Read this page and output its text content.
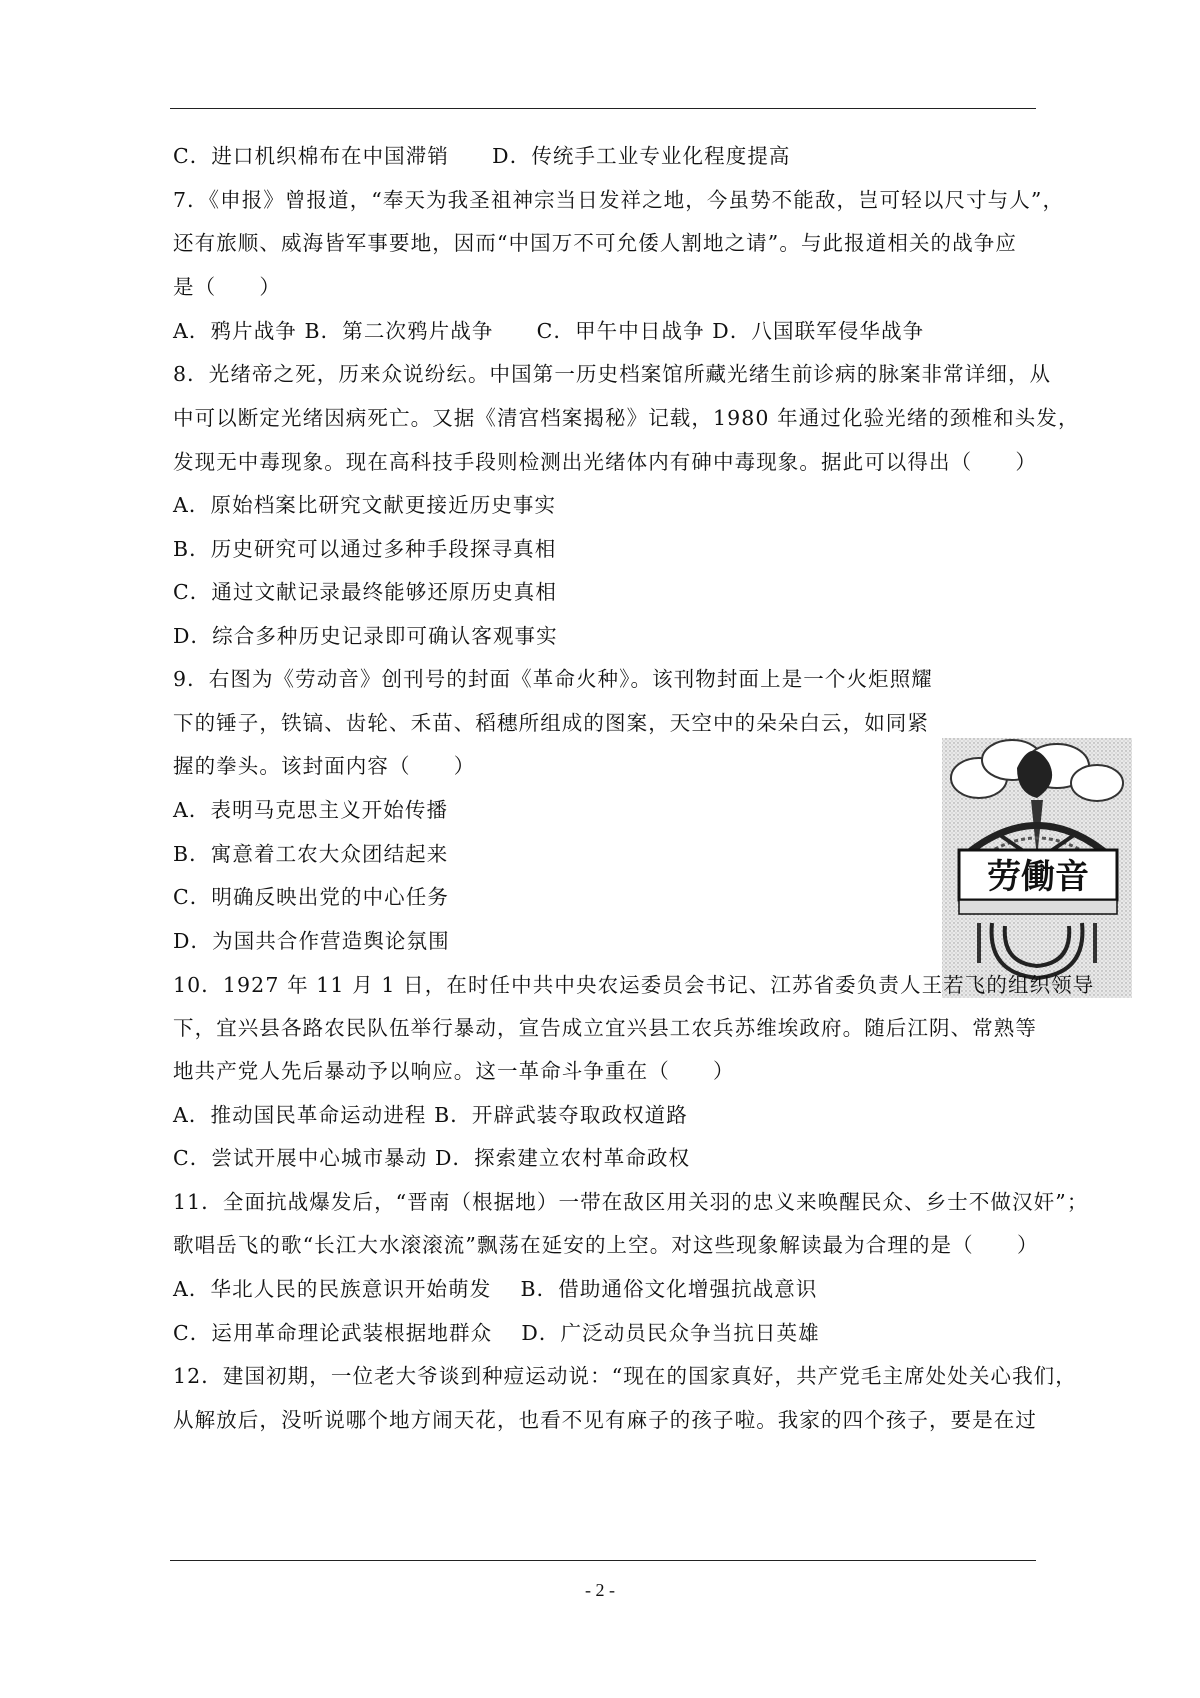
C．进口机织棉布在中国滞销　　D．传统手工业专业化程度提高
7．《申报》曾报道，“奉天为我圣祖神宗当日发祥之地，今虽势不能敌，岂可轻以尺寸与人”，
还有旅顺、威海皆军事要地，因而“中国万不可允倭人割地之请”。与此报道相关的战争应
是（　　）
A．鸦片战争 B．第二次鸦片战争　　C．甲午中日战争 D．八国联军侵华战争
8．光绪帝之死，历来众说纷纭。中国第一历史档案馆所藏光绪生前诊病的脉案非常详细，从
中可以断定光绪因病死亡。又据《清宫档案揭秘》记载，1980 年通过化验光绪的颈椎和头发，
发现无中毒现象。现在高科技手段则检测出光绪体内有砷中毒现象。据此可以得出（　　）
A．原始档案比研究文献更接近历史事实
B．历史研究可以通过多种手段探寻真相
C．通过文献记录最终能够还原历史真相
D．综合多种历史记录即可确认客观事实
9．右图为《劳动音》创刊号的封面《革命火种》。该刊物封面上是一个火炬照耀
下的锤子，铁镐、齿轮、禾苗、稻穗所组成的图案，天空中的朵朵白云，如同紧
握的拳头。该封面内容（　　）
A．表明马克思主义开始传播
B．寓意着工农大众团结起来
C．明确反映出党的中心任务
D．为国共合作营造舆论氛围
劳働音
10．1927 年 11 月 1 日，在时任中共中央农运委员会书记、江苏省委负责人王若飞的组织领导
下，宜兴县各路农民队伍举行暴动，宣告成立宜兴县工农兵苏维埃政府。随后江阴、常熟等
地共产党人先后暴动予以响应。这一革命斗争重在（　　）
A．推动国民革命运动进程 B．开辟武装夺取政权道路
C．尝试开展中心城市暴动 D．探索建立农村革命政权
11．全面抗战爆发后，“晋南（根据地）一带在敌区用关羽的忠义来唤醒民众、乡士不做汉奸”；
歌唱岳飞的歌“长江大水滚滚流”飘荡在延安的上空。对这些现象解读最为合理的是（　　）
A．华北人民的民族意识开始萌发　 B．借助通俗文化增强抗战意识
C．运用革命理论武装根据地群众　 D．广泛动员民众争当抗日英雄
12．建国初期，一位老大爷谈到种痘运动说：“现在的国家真好，共产党毛主席处处关心我们，
从解放后，没听说哪个地方闹天花，也看不见有麻子的孩子啦。我家的四个孩子，要是在过
- 2 -
